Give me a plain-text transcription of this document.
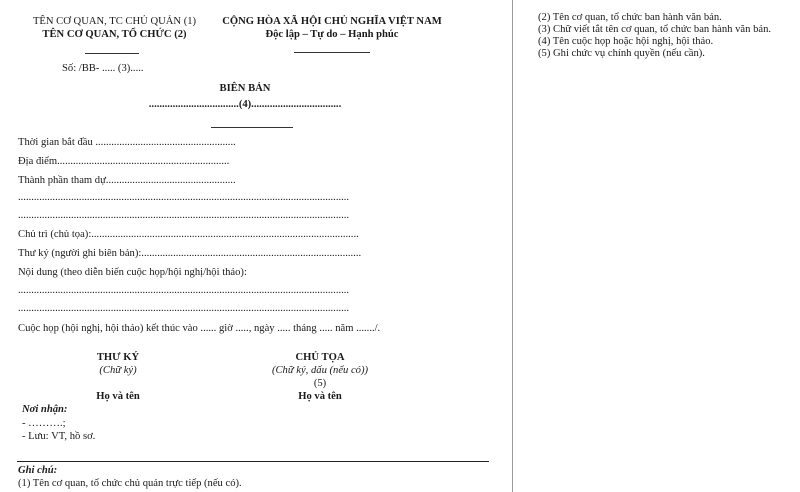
TÊN CƠ QUAN, TC CHỦ QUẢN (1)
TÊN CƠ QUAN, TỔ CHỨC (2)
Số: /BB- ..... (3).....
CỘNG HÒA XÃ HỘI CHỦ NGHĨA VIỆT NAM
Độc lập – Tự do – Hạnh phúc
BIÊN BẢN
..................................(4)..................................
Thời gian bắt đầu .....................................................
Địa điểm.................................................................
Thành phần tham dự.................................................
.............................................................................................................................
.............................................................................................................................
Chủ trì (chủ tọa):.....................................................................................................
Thư ký (người ghi biên bản):...................................................................................
Nội dung (theo diễn biến cuộc họp/hội nghị/hội thảo):
.............................................................................................................................
.............................................................................................................................
Cuộc họp (hội nghị, hội thảo) kết thúc vào ...... giờ ....., ngày ..... tháng ..... năm ......./.
THƯ KÝ
(Chữ ký)
Họ và tên
CHỦ TỌA
(Chữ ký, dấu (nếu có))
(5)
Họ và tên
Nơi nhận:
- ……….;
- Lưu: VT, hồ sơ.
Ghi chú:
(1) Tên cơ quan, tổ chức chủ quản trực tiếp (nếu có).
(2) Tên cơ quan, tổ chức ban hành văn bản.
(3) Chữ viết tắt tên cơ quan, tổ chức ban hành văn bản.
(4) Tên cuộc họp hoặc hội nghị, hội thảo.
(5) Ghi chức vụ chính quyền (nếu cần).
